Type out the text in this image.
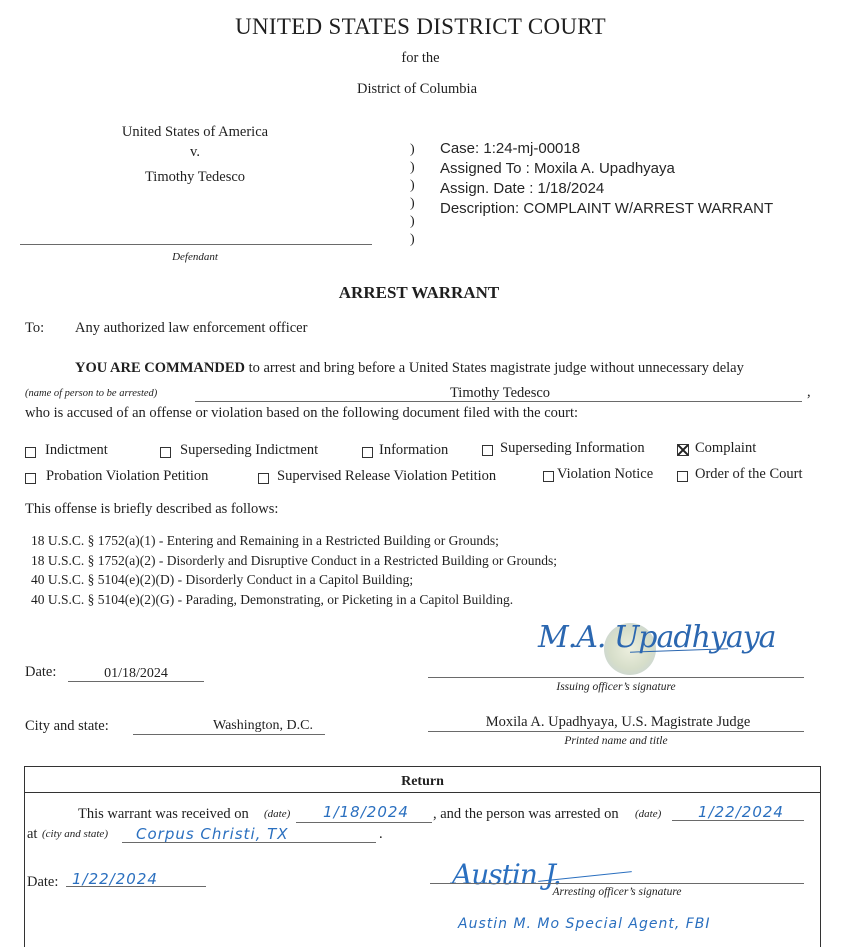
UNITED STATES DISTRICT COURT
for the
District of Columbia
United States of America
v.
Timothy Tedesco
Defendant
)
)
)
)
)
)
Case: 1:24-mj-00018
Assigned To : Moxila A. Upadhyaya
Assign. Date : 1/18/2024
Description: COMPLAINT W/ARREST WARRANT
ARREST WARRANT
To: Any authorized law enforcement officer
YOU ARE COMMANDED to arrest and bring before a United States magistrate judge without unnecessary delay
(name of person to be arrested)	Timothy Tedesco	,
who is accused of an offense or violation based on the following document filed with the court:
Indictment	Superseding Indictment	Information	Superseding Information	Complaint
Probation Violation Petition	Supervised Release Violation Petition	Violation Notice	Order of the Court
This offense is briefly described as follows:
18 U.S.C. § 1752(a)(1) - Entering and Remaining in a Restricted Building or Grounds;
18 U.S.C. § 1752(a)(2) - Disorderly and Disruptive Conduct in a Restricted Building or Grounds;
40 U.S.C. § 5104(e)(2)(D) - Disorderly Conduct in a Capitol Building;
40 U.S.C. § 5104(e)(2)(G) - Parading, Demonstrating, or Picketing in a Capitol Building.
Date:	01/18/2024
M.A. Upadhyaya
Issuing officer’s signature
City and state:	Washington, D.C.	Moxila A. Upadhyaya, U.S. Magistrate Judge
Printed name and title
Return
This warrant was received on (date)	1/18/2024	, and the person was arrested on (date)	1/22/2024
at (city and state) Corpus Christi, TX	.
Date: 1/22/2024	Austin J.
Arresting officer’s signature
Austin M. Mo Special Agent, FBI
